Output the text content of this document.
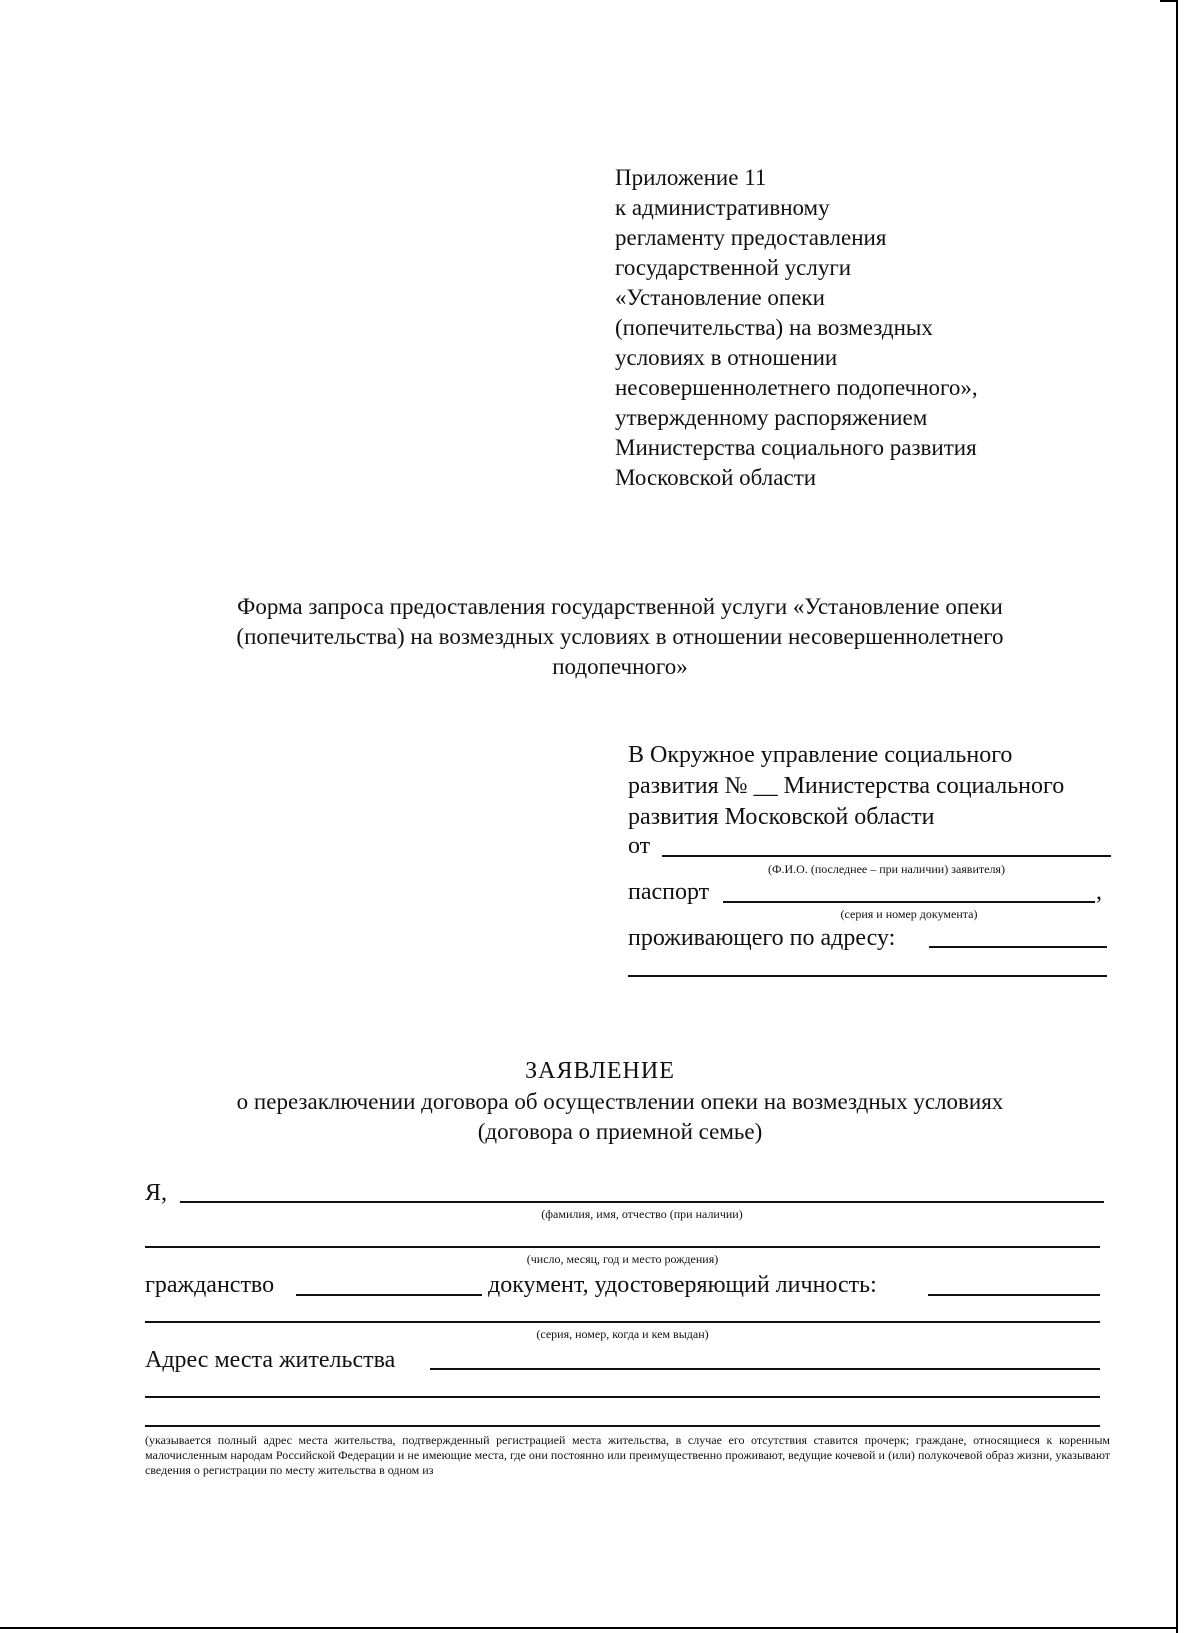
Приложение 11
к административному
регламенту предоставления
государственной услуги
«Установление опеки
(попечительства) на возмездных
условиях в отношении
несовершеннолетнего подопечного»,
утвержденному распоряжением
Министерства социального развития
Московской области
Форма запроса предоставления государственной услуги «Установление опеки
(попечительства) на возмездных условиях в отношении несовершеннолетнего
подопечного»
В Окружное управление социального
развития № __ Министерства социального
развития Московской области
от
(Ф.И.О. (последнее – при наличии) заявителя)
паспорт	,
(серия и номер документа)
проживающего по адресу:
ЗАЯВЛЕНИЕ
о перезаключении договора об осуществлении опеки на возмездных условиях
(договора о приемной семье)
Я,
(фамилия, имя, отчество (при наличии)
(число, месяц, год и место рождения)
гражданство	документ, удостоверяющий личность:
(серия, номер, когда и кем выдан)
Адрес места жительства
(указывается полный адрес места жительства, подтвержденный регистрацией места жительства, в случае его отсутствия ставится прочерк; граждане, относящиеся к коренным малочисленным народам Российской Федерации и не имеющие места, где они постоянно или преимущественно проживают, ведущие кочевой и (или) полукочевой образ жизни, указывают сведения о регистрации по месту жительства в одном из
